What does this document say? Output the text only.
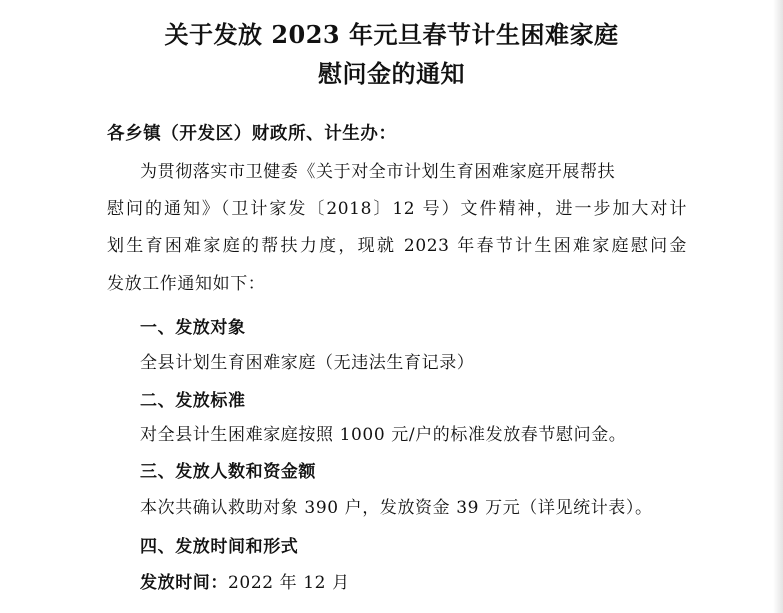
关于发放 2023 年元旦春节计生困难家庭
慰问金的通知
各乡镇（开发区）财政所、计生办：
为贯彻落实市卫健委《关于对全市计划生育困难家庭开展帮扶
慰问的通知》（卫计家发〔2018〕12 号）文件精神，进一步加大对计
划生育困难家庭的帮扶力度，现就 2023 年春节计生困难家庭慰问金
发放工作通知如下：
一、发放对象
全县计划生育困难家庭（无违法生育记录）
二、发放标准
对全县计生困难家庭按照 1000 元/户的标准发放春节慰问金。
三、发放人数和资金额
本次共确认救助对象 390 户，发放资金 39 万元（详见统计表）。
四、发放时间和形式
发放时间：2022 年 12 月
